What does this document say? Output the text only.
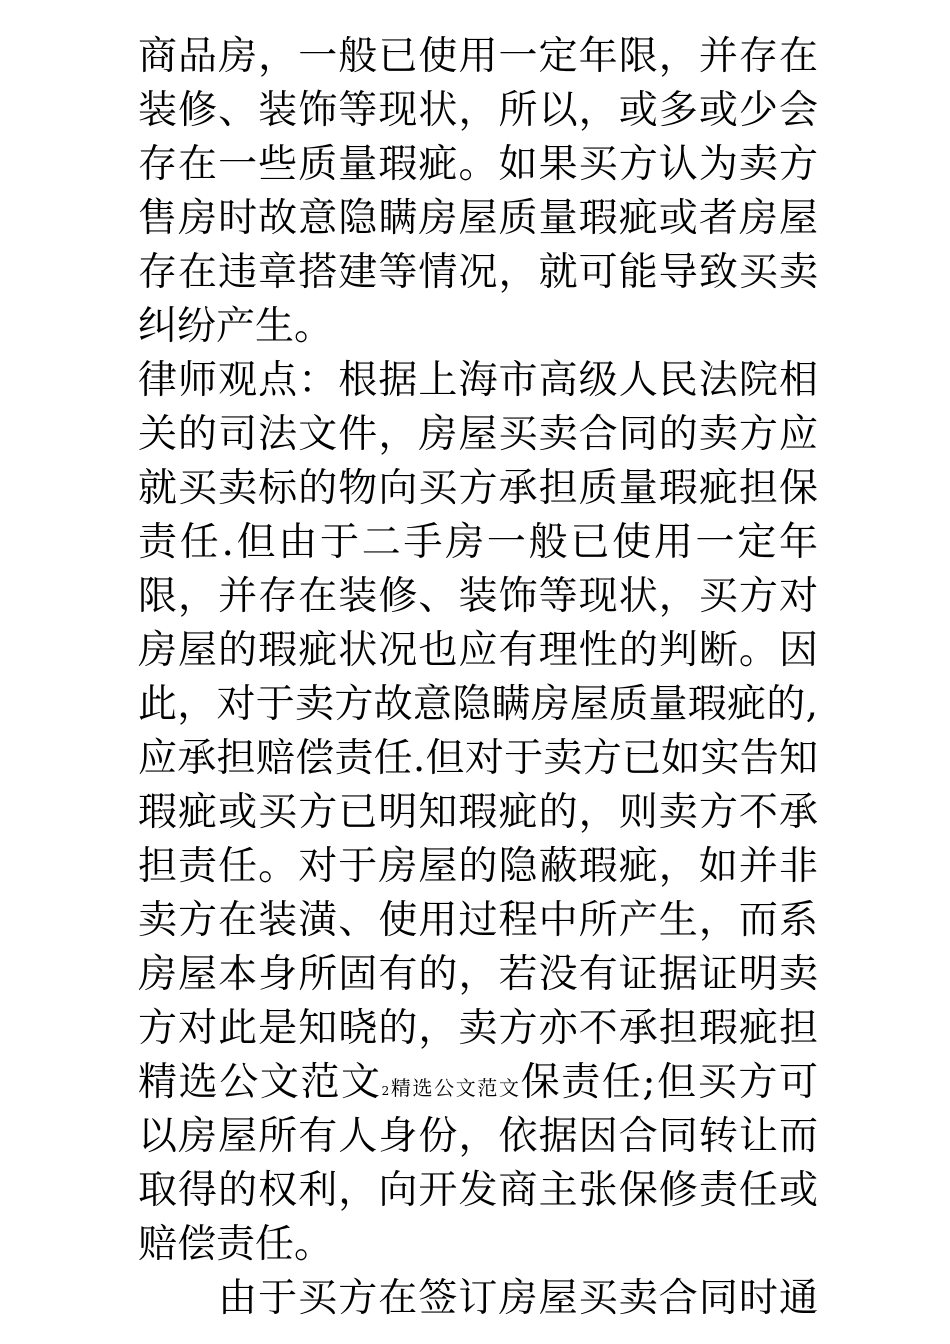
商品房，一般已使用一定年限，并存在
装修、装饰等现状，所以，或多或少会
存在一些质量瑕疵。如果买方认为卖方
售房时故意隐瞒房屋质量瑕疵或者房屋
存在违章搭建等情况，就可能导致买卖
纠纷产生。
律师观点：根据上海市高级人民法院相
关的司法文件，房屋买卖合同的卖方应
就买卖标的物向买方承担质量瑕疵担保
责任.但由于二手房一般已使用一定年
限，并存在装修、装饰等现状，买方对
房屋的瑕疵状况也应有理性的判断。因
此，对于卖方故意隐瞒房屋质量瑕疵的,
应承担赔偿责任.但对于卖方已如实告知
瑕疵或买方已明知瑕疵的，则卖方不承
担责任。对于房屋的隐蔽瑕疵，如并非
卖方在装潢、使用过程中所产生，而系
房屋本身所固有的，若没有证据证明卖
方对此是知晓的，卖方亦不承担瑕疵担
精选公文范文2精选公文范文保责任;但买方可
以房屋所有人身份，依据因合同转让而
取得的权利，向开发商主张保修责任或
赔偿责任。
由于买方在签订房屋买卖合同时通
